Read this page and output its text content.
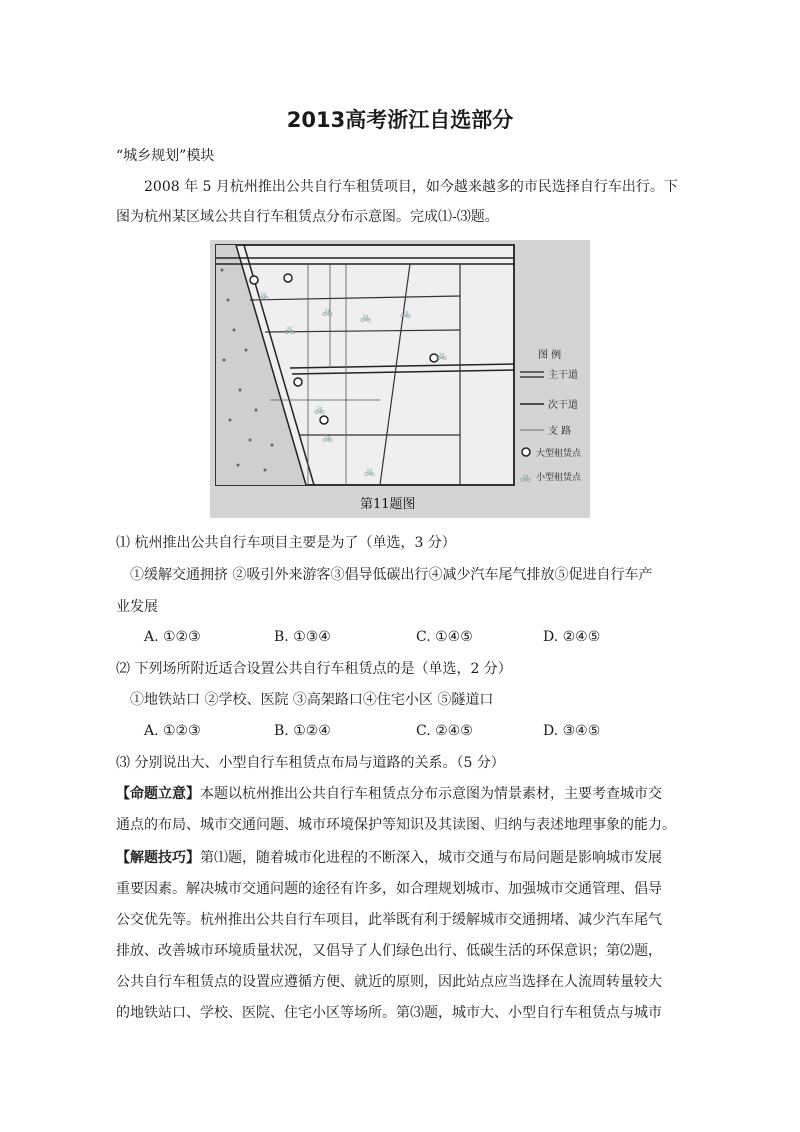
2013高考浙江自选部分
“城乡规划”模块
2008 年 5 月杭州推出公共自行车租赁项目，如今越来越多的市民选择自行车出行。下
图为杭州某区域公共自行车租赁点分布示意图。完成⑴-⑶题。
🚲
🚲
🚲
🚲	🚲
🚲
🚲
🚲
🚲
图 例
主干道
次干道
支 路
大型租赁点
🚲 小型租赁点
第11题图
⑴ 杭州推出公共自行车项目主要是为了（单选，3 分）
①缓解交通拥挤 ②吸引外来游客③倡导低碳出行④减少汽车尾气排放⑤促进自行车产
业发展
A. ①②③	B. ①③④	C. ①④⑤	D. ②④⑤
⑵ 下列场所附近适合设置公共自行车租赁点的是（单选，2 分）
①地铁站口 ②学校、医院 ③高架路口④住宅小区 ⑤隧道口
A. ①②③	B. ①②④	C. ②④⑤	D. ③④⑤
⑶ 分别说出大、小型自行车租赁点布局与道路的关系。（5 分）
【命题立意】本题以杭州推出公共自行车租赁点分布示意图为情景素材，主要考查城市交
通点的布局、城市交通问题、城市环境保护等知识及其读图、归纳与表述地理事象的能力。
【解题技巧】第⑴题，随着城市化进程的不断深入，城市交通与布局问题是影响城市发展
重要因素。解决城市交通问题的途径有许多，如合理规划城市、加强城市交通管理、倡导
公交优先等。杭州推出公共自行车项目，此举既有利于缓解城市交通拥堵、减少汽车尾气
排放、改善城市环境质量状况，又倡导了人们绿色出行、低碳生活的环保意识；第⑵题，
公共自行车租赁点的设置应遵循方便、就近的原则，因此站点应当选择在人流周转量较大
的地铁站口、学校、医院、住宅小区等场所。第⑶题，城市大、小型自行车租赁点与城市
